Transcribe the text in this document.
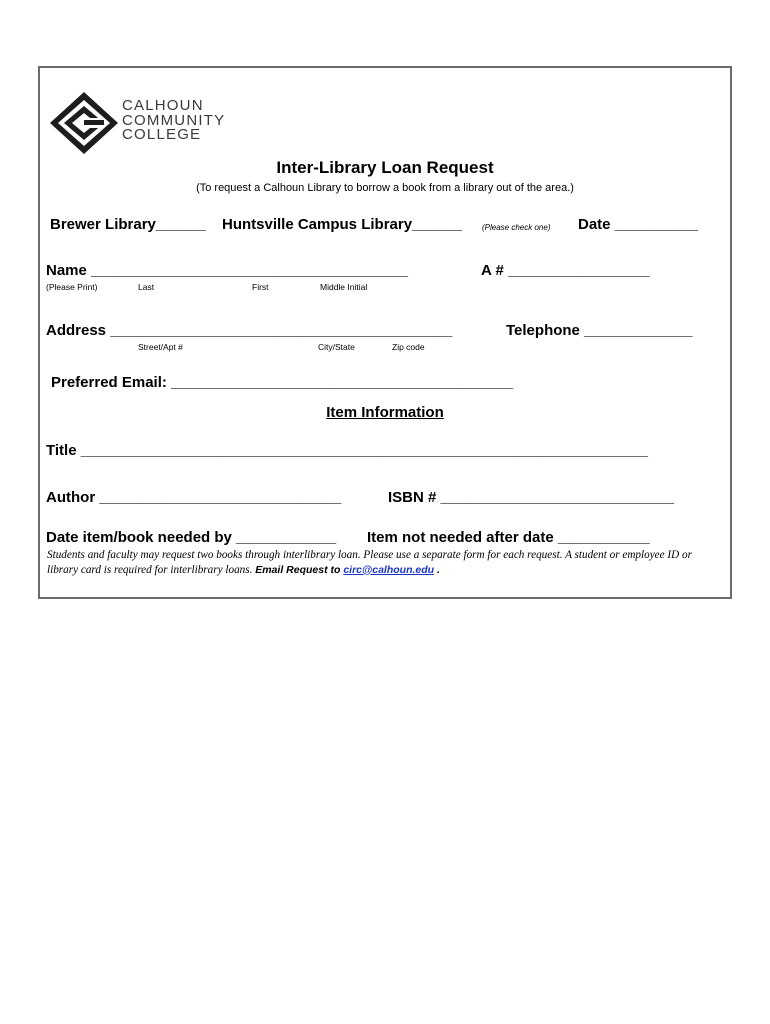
CALHOUN
COMMUNITY
COLLEGE
Inter-Library Loan Request
(To request a Calhoun Library to borrow a book from a library out of the area.)
Brewer Library______ Huntsville Campus Library______ (Please check one) Date __________
Name ______________________________________	A # _________________
(Please Print)	Last	First	Middle Initial
Address _________________________________________	Telephone _____________
Street/Apt #	City/State	Zip code
Preferred Email: _________________________________________
Item Information
Title ____________________________________________________________________
Author _____________________________	ISBN # ____________________________
Date item/book needed by ____________ Item not needed after date ___________
Students and faculty may request two books through interlibrary loan. Please use a separate form for each request. A student or employee ID or library card is required for interlibrary loans. Email Request to circ@calhoun.edu .
